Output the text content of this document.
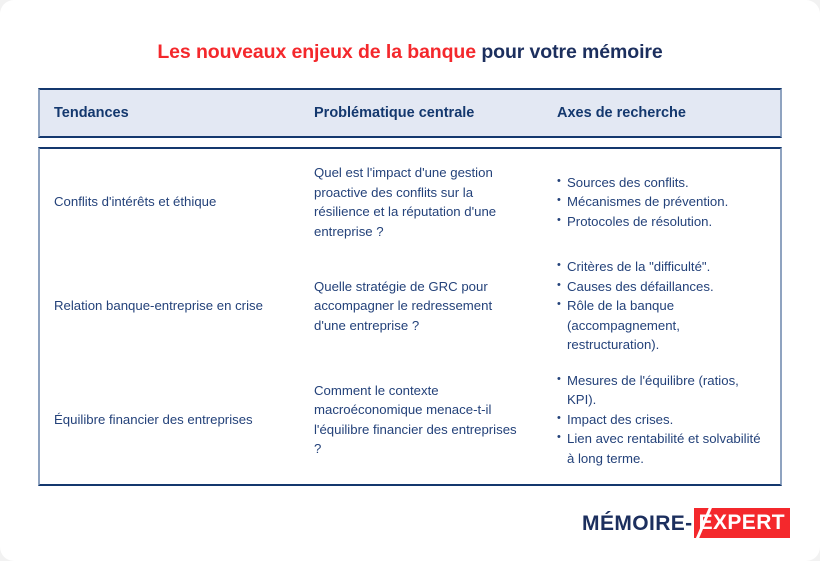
Les nouveaux enjeux de la banque pour votre mémoire
Tendances	Problématique centrale	Axes de recherche
Conflits d'intérêts et éthique
Quel est l'impact d'une gestion proactive des conflits sur la résilience et la réputation d'une entreprise ?
• Sources des conflits.
• Mécanismes de prévention.
• Protocoles de résolution.
Relation banque-entreprise en crise
Quelle stratégie de GRC pour accompagner le redressement d'une entreprise ?
• Critères de la "difficulté".
• Causes des défaillances.
• Rôle de la banque (accompagnement, restructuration).
Équilibre financier des entreprises
Comment le contexte macroéconomique menace-t-il l'équilibre financier des entreprises ?
• Mesures de l'équilibre (ratios, KPI).
• Impact des crises.
• Lien avec rentabilité et solvabilité à long terme.
MÉMOIRE- EXPERT
